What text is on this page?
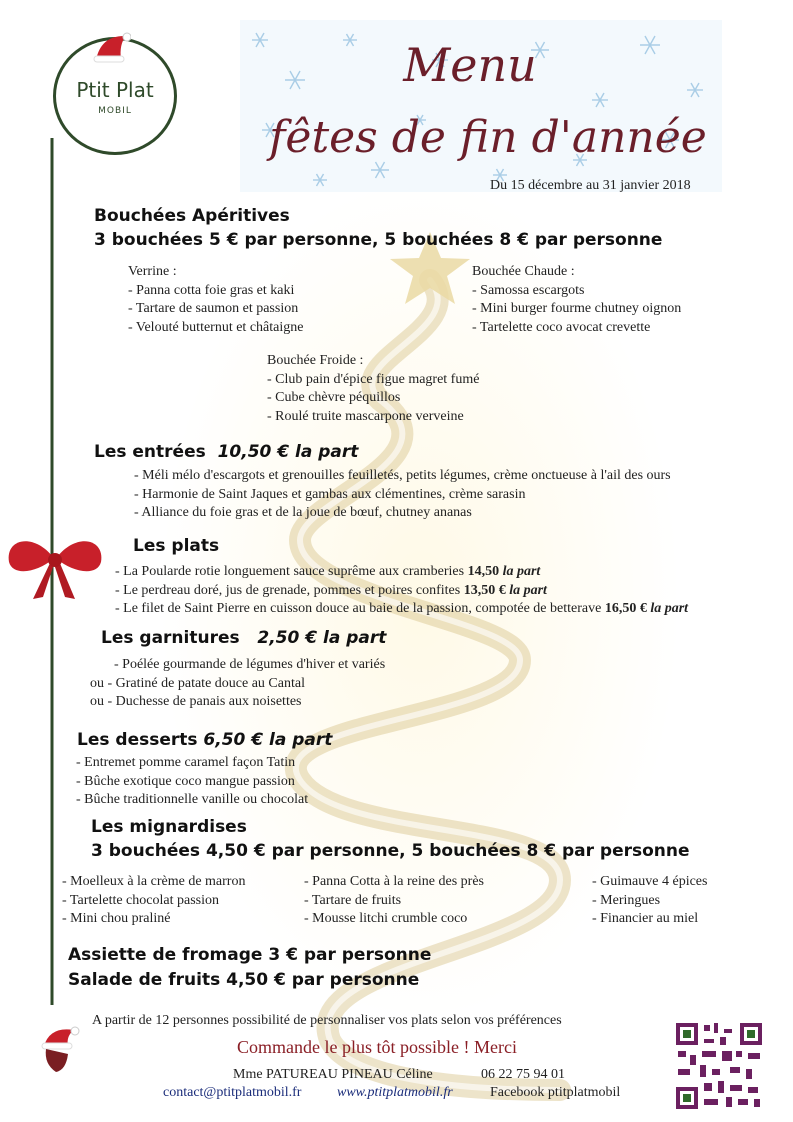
Menu
fêtes de fin d'année
Du 15 décembre au 31 janvier 2018
Ptit Plat
MOBIL
Bouchées Apéritives
3 bouchées 5 € par personne, 5 bouchées 8 € par personne
Verrine :
- Panna cotta foie gras et kaki
- Tartare de saumon et passion
- Velouté butternut et châtaigne
Bouchée Chaude :
- Samossa escargots
- Mini burger fourme chutney oignon
- Tartelette coco avocat crevette
Bouchée Froide :
- Club pain d'épice figue magret fumé
- Cube chèvre péquillos
- Roulé truite mascarpone verveine
Les entrées 10,50 € la part
- Méli mélo d'escargots et grenouilles feuilletés, petits légumes, crème onctueuse à l'ail des ours
- Harmonie de Saint Jaques et gambas aux clémentines, crème sarasin
- Alliance du foie gras et de la joue de bœuf, chutney ananas
Les plats
- La Poularde rotie longuement sauce suprême aux cramberies 14,50 la part
- Le perdreau doré, jus de grenade, pommes et poires confites 13,50 € la part
- Le filet de Saint Pierre en cuisson douce au baie de la passion, compotée de betterave 16,50 € la part
Les garnitures 2,50 € la part
- Poélée gourmande de légumes d'hiver et variés
ou - Gratiné de patate douce au Cantal
ou - Duchesse de panais aux noisettes
Les desserts 6,50 € la part
- Entremet pomme caramel façon Tatin
- Bûche exotique coco mangue passion
- Bûche traditionnelle vanille ou chocolat
Les mignardises
3 bouchées 4,50 € par personne, 5 bouchées 8 € par personne
- Moelleux à la crème de marron
- Tartelette chocolat passion
- Mini chou praliné
- Panna Cotta à la reine des près
- Tartare de fruits
- Mousse litchi crumble coco
- Guimauve 4 épices
- Meringues
- Financier au miel
Assiette de fromage 3 € par personne
Salade de fruits 4,50 € par personne
A partir de 12 personnes possibilité de personnaliser vos plats selon vos préférences
Commande le plus tôt possible ! Merci
Mme PATUREAU PINEAU Céline	06 22 75 94 01
contact@ptitplatmobil.fr	www.ptitplatmobil.fr	Facebook ptitplatmobil
